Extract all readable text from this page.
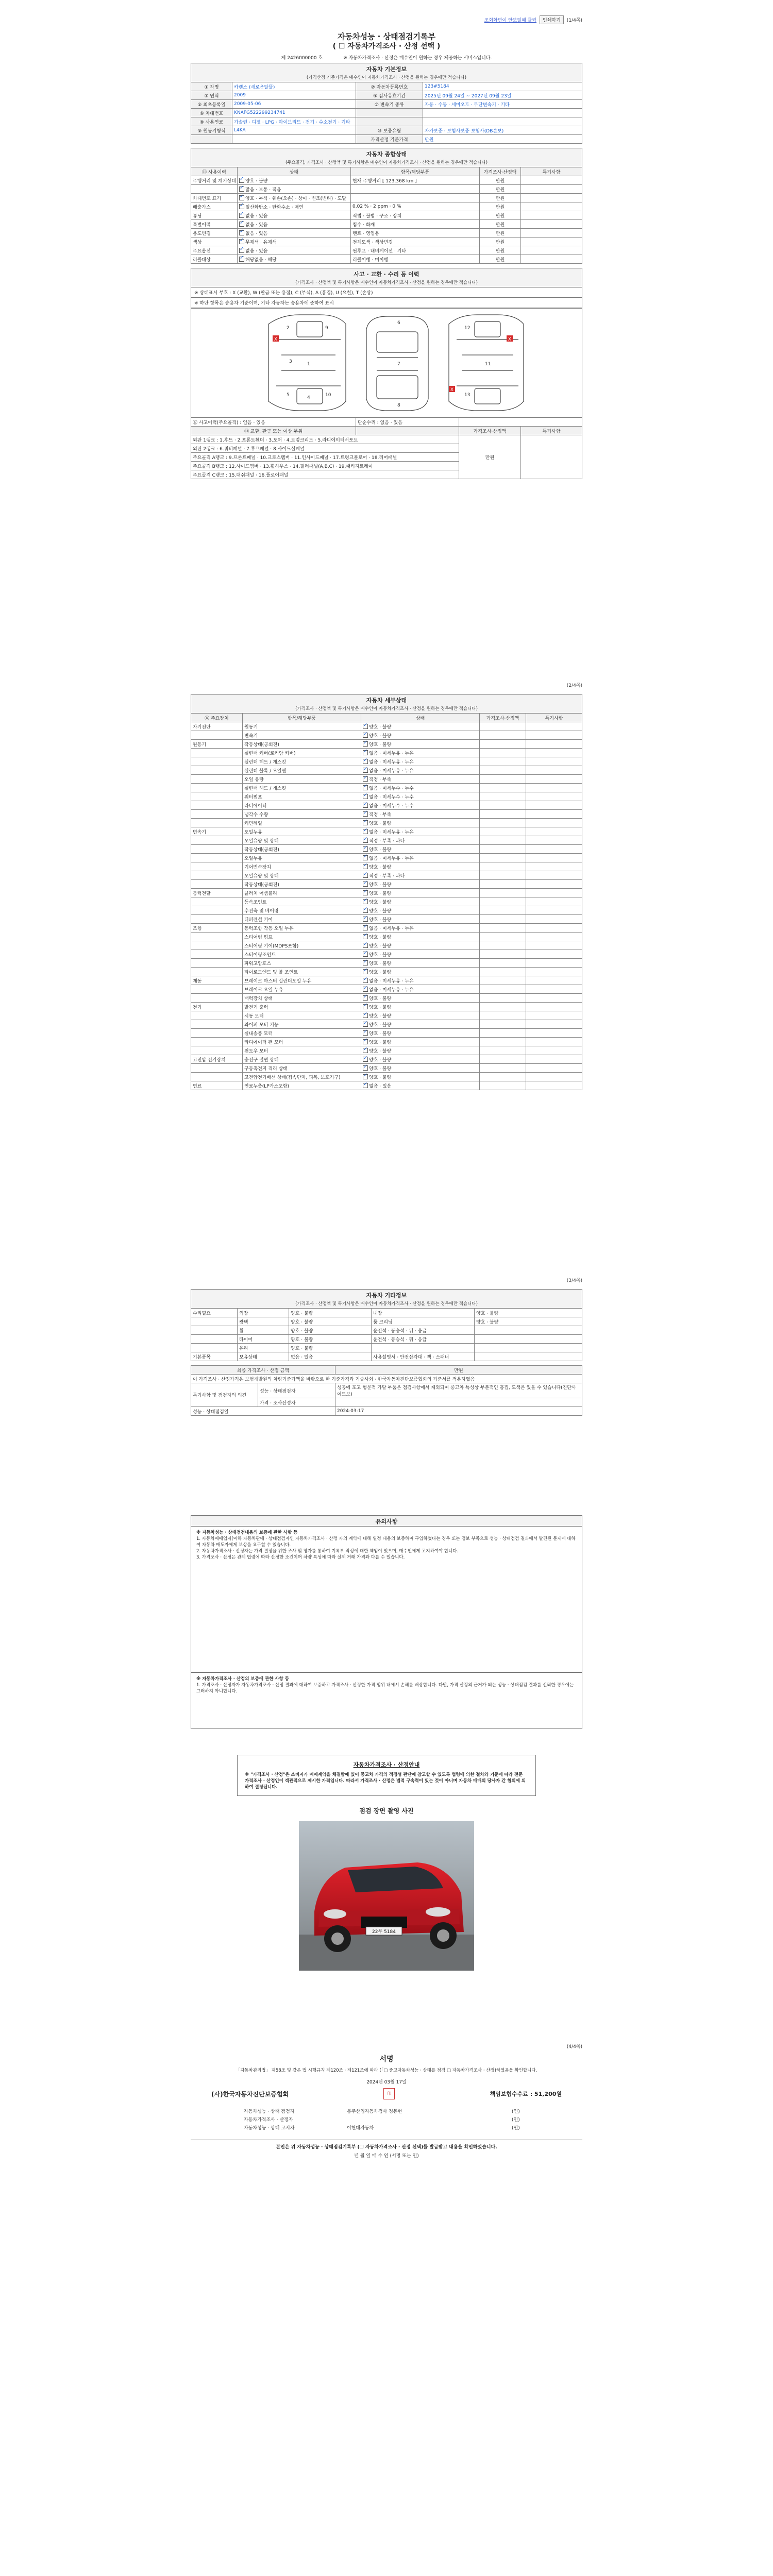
조회화면이 안보일때 클릭	인쇄하기	(1/4쪽)
자동차성능 · 상태점검기록부
( ☐ 자동차가격조사 · 산정 선택 )
제 2426000000 호	※ 자동차가격조사 · 산정은 매수인이 원하는 경우 제공하는 서비스입니다.
자동차 기본정보
(가격산정 기준가격은 매수인이 자동차가격조사 · 산정을 원하는 경우에만 적습니다)
① 차명	카렌스 (새로운알뜰)	② 자동차등록번호	123#5184
③ 연식	2009	④ 검사유효기간	2025년 09월 24일 ~ 2027년 09월 23일
⑤ 최초등록일	2009-05-06	⑦ 변속기 종류	자동 · 수동 · 세미오토 · 무단변속기 · 기타
⑥ 차대번호	KNAFG522299234741		
⑧ 사용연료	가솔린 · 디젤 · LPG · 하이브리드 · 전기 · 수소전기 · 기타		
⑨ 원동기형식	L4KA	⑩ 보증유형	자가보증 · 보험사보증 보험사(DB손보)
		가격산정 기준가격	만원
자동차 종합상태
(주요골격, 가격조사 · 산정액 및 특기사항은 매수인이 자동차가격조사 · 산정을 원하는 경우에만 적습니다)
⑪ 사용이력	상태	항목/해당부품	가격조사·산정액	특기사항
주행거리 및 계기상태	✓양호 · 불량	현재 주행거리 [ 123,368 km ]	만원	
	✓많음 · 보통 · 적음		만원	
차대번호 표기	✓양호 · 부식 · 훼손(오손) · 상이 · 변조(변타) · 도말		만원	
배출가스	✓일산화탄소 · 탄화수소 · 매연	0.02 % · 2 ppm · 0 %	만원	
튜닝	✓없음 · 있음	적법 · 불법 · 구조 · 장치	만원	
특별이력	✓없음 · 있음	침수 · 화재	만원	
용도변경	✓없음 · 있음	렌트 · 영업용	만원	
색상	✓무채색 · 유채색	전체도색 · 색상변경	만원	
주요옵션	✓없음 · 있음	썬루프 · 내비게이션 · 기타	만원	
리콜대상	✓해당없음 · 해당	리콜이행 · 미이행	만원	
사고 · 교환 · 수리 등 이력
(가격조사 · 산정액 및 특기사항은 매수인이 자동차가격조사 · 산정을 원하는 경우에만 적습니다)
※ 상태표시 부호 : X (교환), W (판금 또는 용접), C (부식), A (흠집), U (요철), T (손상)
※ 하단 항목은 승용차 기준이며, 기타 자동차는 승용차에 준하여 표시
1
2
3
4
5
6
7
8
9
10
11
12
13
X	X
X
⑫ 사고이력(주요골격) : 없음 · 있음	단순수리 : 없음 · 있음		
⑬ 교환, 판금 또는 이상 부위		가격조사·산정액	특기사항
외판 1랭크 : 1.후드 · 2.프론트휀더 · 3.도어 · 4.트렁크리드 · 5.라디에이터서포트		만원	
외판 2랭크 : 6.쿼터패널 · 7.루프패널 · 8.사이드실패널			
주요골격 A랭크 : 9.프론트패널 · 10.크로스멤버 · 11.인사이드패널 · 17.트렁크플로어 · 18.리어패널			
주요골격 B랭크 : 12.사이드멤버 · 13.휠하우스 · 14.필러패널(A,B,C) · 19.패키지트레이			
주요골격 C랭크 : 15.대쉬패널 · 16.플로어패널			
(2/4쪽)
자동차 세부상태
(가격조사 · 산정액 및 특기사항은 매수인이 자동차가격조사 · 산정을 원하는 경우에만 적습니다)
⑭ 주요장치	항목/해당부품	상태	가격조사·산정액	특기사항
자기진단	원동기	✓양호 · 불량		
	변속기	✓양호 · 불량		
원동기	작동상태(공회전)	✓양호 · 불량		
	실린더 커버(로커암 커버)	✓없음 · 미세누유 · 누유		
	실린더 헤드 / 개스킷	✓없음 · 미세누유 · 누유		
	실린더 블록 / 오일팬	✓없음 · 미세누유 · 누유		
	오일 유량	✓적정 · 부족		
	실린더 헤드 / 개스킷	✓없음 · 미세누수 · 누수		
	워터펌프	✓없음 · 미세누수 · 누수		
	라디에이터	✓없음 · 미세누수 · 누수		
	냉각수 수량	✓적정 · 부족		
	커먼레일	✓양호 · 불량		
변속기	오일누유	✓없음 · 미세누유 · 누유		
	오일유량 및 상태	✓적정 · 부족 · 과다		
	작동상태(공회전)	✓양호 · 불량		
	오일누유	✓없음 · 미세누유 · 누유		
	기어변속장치	✓양호 · 불량		
	오일유량 및 상태	✓적정 · 부족 · 과다		
	작동상태(공회전)	✓양호 · 불량		
동력전달	클러치 어셈블리	✓양호 · 불량		
	등속조인트	✓양호 · 불량		
	추진축 및 베어링	✓양호 · 불량		
	디퍼렌셜 기어	✓양호 · 불량		
조향	동력조향 작동 오일 누유	✓없음 · 미세누유 · 누유		
	스티어링 펌프	✓양호 · 불량		
	스티어링 기어(MDPS포함)	✓양호 · 불량		
	스티어링조인트	✓양호 · 불량		
	파워고압호스	✓양호 · 불량		
	타이로드엔드 및 볼 조인트	✓양호 · 불량		
제동	브레이크 마스터 실린더오일 누유	✓없음 · 미세누유 · 누유		
	브레이크 오일 누유	✓없음 · 미세누유 · 누유		
	배력장치 상태	✓양호 · 불량		
전기	발전기 출력	✓양호 · 불량		
	시동 모터	✓양호 · 불량		
	와이퍼 모터 기능	✓양호 · 불량		
	실내송풍 모터	✓양호 · 불량		
	라디에이터 팬 모터	✓양호 · 불량		
	윈도우 모터	✓양호 · 불량		
고전압 전기장치	충전구 절연 상태	✓양호 · 불량		
	구동축전지 격리 상태	✓양호 · 불량		
	고전압전기배선 상태(접속단자, 피복, 보호기구)	✓양호 · 불량		
연료	연료누출(LP가스포함)	✓없음 · 있음		
(3/4쪽)
자동차 기타정보
(가격조사 · 산정액 및 특기사항은 매수인이 자동차가격조사 · 산정을 원하는 경우에만 적습니다)
수리필요	외장	양호 · 불량	내장	양호 · 불량
	광택	양호 · 불량	룸 크리닝	양호 · 불량
	휠	양호 · 불량	운전석 · 동승석 · 뒤 · 응급	
	타이어	양호 · 불량	운전석 · 동승석 · 뒤 · 응급	
	유리	양호 · 불량		
기본품목	보유상태	없음 · 있음	사용설명서 · 안전삼각대 · 잭 · 스패너	
최종 가격조사 · 산정 금액		만원
이 가격조사 · 산정가격은 보험개발원의 차량기준가액을 바탕으로 한 기준가격과 기술사회 · 한국자동차진단보증협회의 기준서를 적용하였음		
특기사항 및 점검자의 의견	성능 · 상태점검자	성공에 포고 형문적 가탈 부품은 점검사항에서 제외되며 중고차 특성상 부분적인 흠집, 도색은 있을 수 있습니다(진단사이드보)
	가격 · 조사산정자	
성능 · 상태점검일		2024-03-17
유의사항
※ 자동차성능 · 상태점검내용의 보증에 관한 사항 등
1. 자동차매매업자(이하 자동차판매 · 상태점검자인 자동차가격조사 · 산정 자의 계약에 대해 일정 내용의 보증하여 구입하였다는 경우 또는 정보 부족으로 성능 · 상태점검 결과에서 발견된 문제에 대하여 자동차 매도자에게 보상을 요구할 수 있습니다.
2. 자동차가격조사 · 산정자는 가격 결정을 위한 조사 및 평가를 통하여 기록부 작성에 대한 책임이 있으며, 매수인에게 고지하여야 합니다.
3. 가격조사 · 산정은 관계 법령에 따라 산정한 조건이며 차량 특성에 따라 실제 거래 가격과 다를 수 있습니다.
※ 자동차가격조사 · 산정의 보증에 관한 사항 등
1. 가격조사 · 산정자가 자동차가격조사 · 산정 결과에 대하여 보증하고 가격조사 · 산정한 가격 범위 내에서 손해를 배상합니다. 다만, 가격 산정의 근거가 되는 성능 · 상태점검 결과를 신뢰한 경우에는 그러하지 아니합니다.
자동차가격조사 · 산정안내
※ "가격조사 · 산정"은 소비자가 매매계약을 체결함에 있어 중고차 가격의 적정성 판단에 참고할 수 있도록 법령에 의한 절차와 기준에 따라 전문 가격조사 · 산정인이 객관적으로 제시한 가격입니다. 따라서 가격조사 · 산정은 법적 구속력이 있는 것이 아니며 자동차 매매의 당사자 간 협의에 의하여 결정됩니다.
점검 장면 촬영 사진
22무 5184
(4/4쪽)
서명
「자동차관리법」 제58조 및 같은 법 시행규칙 제120조 · 제121조에 따라 (「□ 중고자동차성능 · 상태를 점검 □ 자동차가격조사 · 산정)하였음을 확인합니다.
2024년 03월 17일
(사)한국자동차진단보증협회	印	책임보험수수료 : 51,200원
자동차성능 · 상태 점검자	봉주산업자동차검사 정봉현	(인)
자동차가격조사 · 산정자		(인)
자동차성능 · 상태 고지자	이현대자동차	(인)
본인은 위 자동차성능 · 상태점검기록부 (☐ 자동차가격조사 · 산정 선택)를 발급받고 내용을 확인하였습니다.
년 월 일 매 수 인 (서명 또는 인)
